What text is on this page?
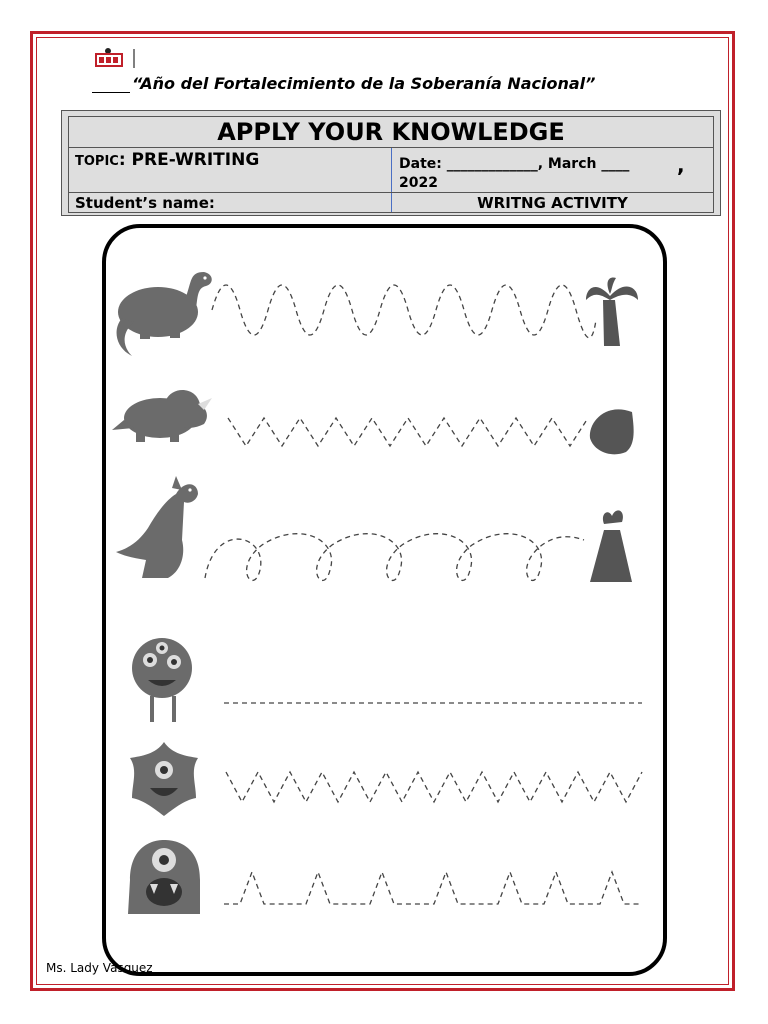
“Año del Fortalecimiento de la Soberanía Nacional”
APPLY YOUR KNOWLEDGE
TOPIC: PRE-WRITING	Date: _____________, March ____
2022
,
Student’s name:	WRITNG ACTIVITY
Ms. Lady Vasquez
